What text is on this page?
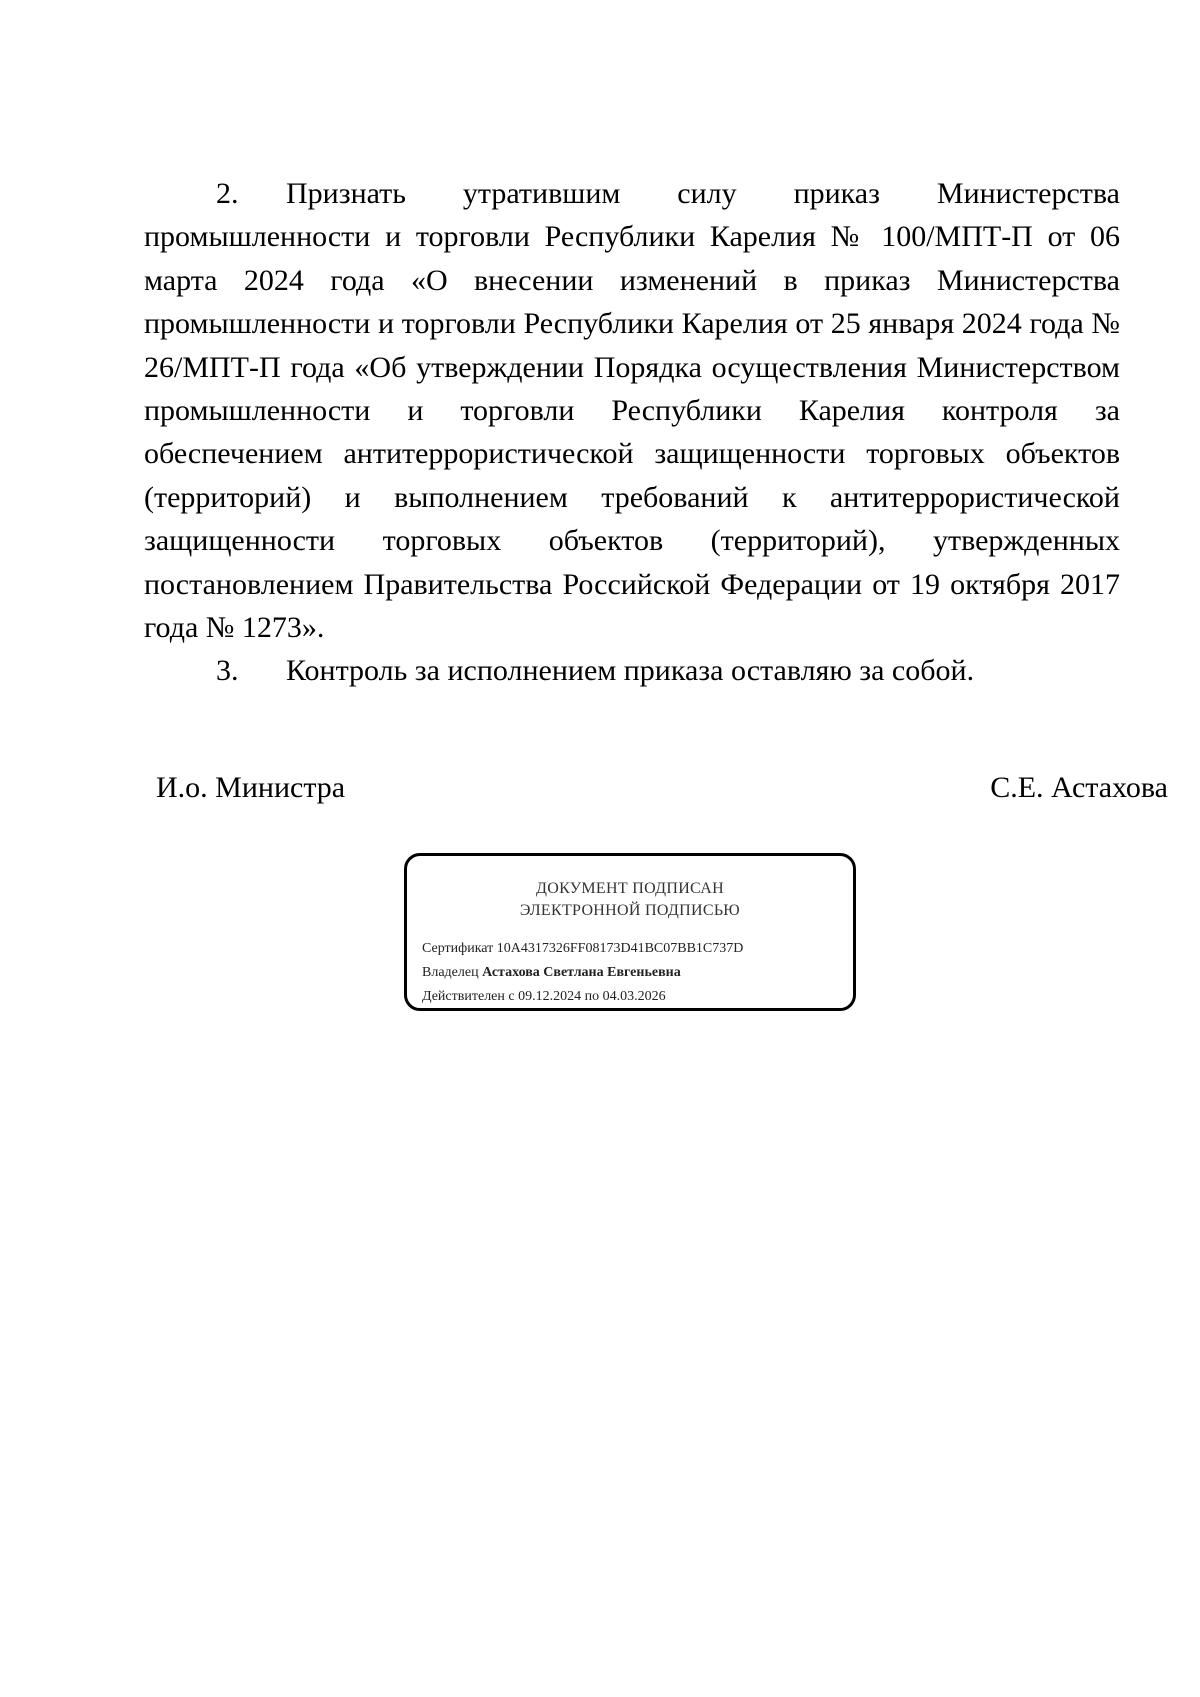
2. Признать утратившим силу приказ Министерства промышленности и торговли Республики Карелия № 100/МПТ-П от 06 марта 2024 года «О внесении изменений в приказ Министерства промышленности и торговли Республики Карелия от 25 января 2024 года № 26/МПТ-П года «Об утверждении Порядка осуществления Министерством промышленности и торговли Республики Карелия контроля за обеспечением антитеррористической защищенности торговых объектов (территорий) и выполнением требований к антитеррористической защищенности торговых объектов (территорий), утвержденных постановлением Правительства Российской Федерации от 19 октября 2017 года № 1273».

3. Контроль за исполнением приказа оставляю за собой.

И.о. Министра	С.Е. Астахова
ДОКУМЕНТ ПОДПИСАН
ЭЛЕКТРОННОЙ ПОДПИСЬЮ
Сертификат 10A4317326FF08173D41BC07BB1C737D
Владелец Астахова Светлана Евгеньевна
Действителен с 09.12.2024 по 04.03.2026
